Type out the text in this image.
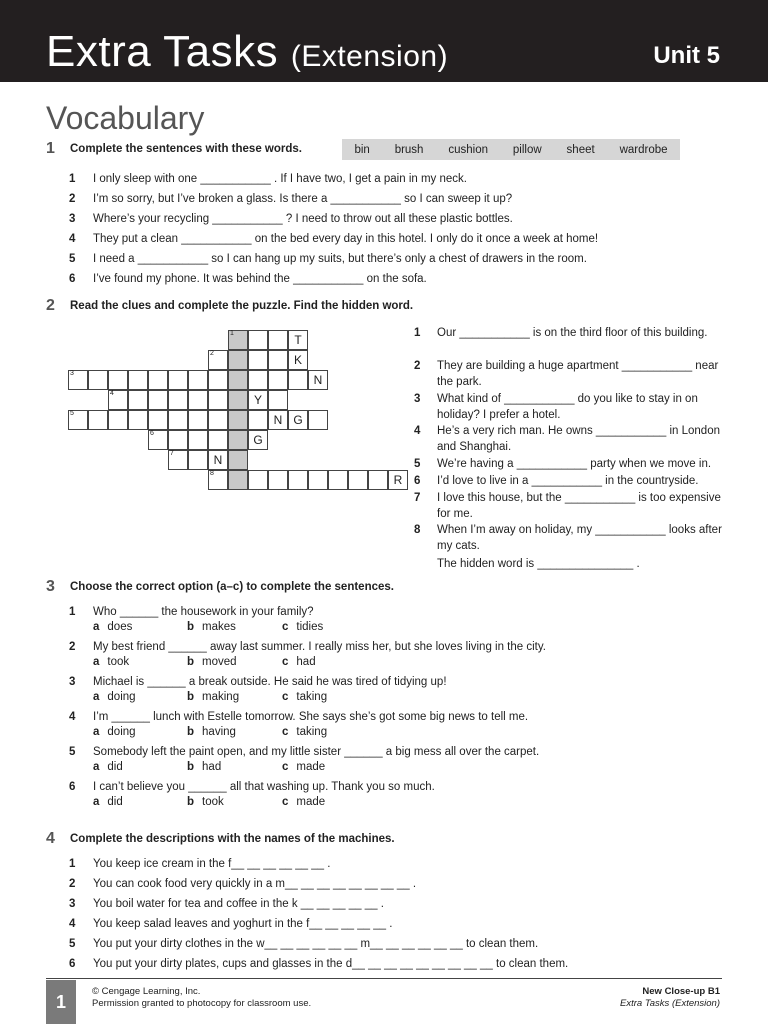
Extra Tasks (Extension)	Unit 5
Vocabulary
1 Complete the sentences with these words.	bin brush cushion pillow sheet wardrobe
1 I only sleep with one ___________ . If I have two, I get a pain in my neck.
2 I’m so sorry, but I’ve broken a glass. Is there a ___________ so I can sweep it up?
3 Where’s your recycling ___________ ? I need to throw out all these plastic bottles.
4 They put a clean ___________ on the bed every day in this hotel. I only do it once a week at home!
5 I need a ___________ so I can hang up my suits, but there’s only a chest of drawers in the room.
6 I’ve found my phone. It was behind the ___________ on the sofa.
2 Read the clues and complete the puzzle. Find the hidden word.
1	T
2	K
3	N
4	Y
5	N G
6	G
7	N
8	R
1 Our ___________ is on the third floor of this building.
2 They are building a huge apartment ___________ near the park.
3 What kind of ___________ do you like to stay in on holiday? I prefer a hotel.
4 He’s a very rich man. He owns ___________ in London and Shanghai.
5 We’re having a ___________ party when we move in.
6 I’d love to live in a ___________ in the countryside.
7 I love this house, but the ___________ is too expensive for me.
8 When I’m away on holiday, my ___________ looks after my cats.
The hidden word is _______________ .
3 Choose the correct option (a–c) to complete the sentences.
1 Who ______ the housework in your family?
a does	b makes	c tidies
2 My best friend ______ away last summer. I really miss her, but she loves living in the city.
a took	b moved	c had
3 Michael is ______ a break outside. He said he was tired of tidying up!
a doing	b making	c taking
4 I’m ______ lunch with Estelle tomorrow. She says she’s got some big news to tell me.
a doing	b having	c taking
5 Somebody left the paint open, and my little sister ______ a big mess all over the carpet.
a did	b had	c made
6 I can’t believe you ______ all that washing up. Thank you so much.
a did	b took	c made
4 Complete the descriptions with the names of the machines.
1 You keep ice cream in the f__ __ __ __ __ __ .
2 You can cook food very quickly in a m__ __ __ __ __ __ __ __ .
3 You boil water for tea and coffee in the k __ __ __ __ __ .
4 You keep salad leaves and yoghurt in the f__ __ __ __ __ .
5 You put your dirty clothes in the w__ __ __ __ __ __ m__ __ __ __ __ __ to clean them.
6 You put your dirty plates, cups and glasses in the d__ __ __ __ __ __ __ __ __ to clean them.
1
© Cengage Learning, Inc.
Permission granted to photocopy for classroom use.
New Close-up B1
Extra Tasks (Extension)
